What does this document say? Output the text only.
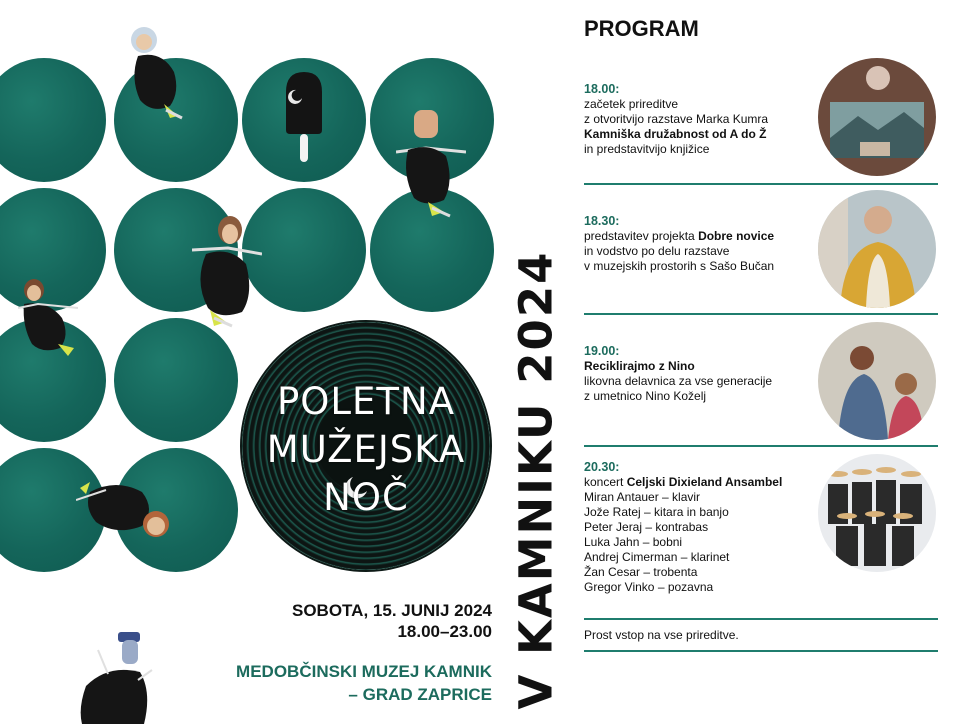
POLETNA
MUŽEJSKA
NOČ	V KAMNIKU 2024
SOBOTA, 15. JUNIJ 2024
18.00–23.00
MEDOBČINSKI MUZEJ KAMNIK
– GRAD ZAPRICE
PROGRAM
18.00:
začetek prireditve
z otvoritvijo razstave Marka Kumra
Kamniška družabnost od A do Ž
in predstavitvijo knjižice
18.30:
predstavitev projekta Dobre novice
in vodstvo po delu razstave
v muzejskih prostorih s Sašo Bučan
19.00:
Reciklirajmo z Nino
likovna delavnica za vse generacije
z umetnico Nino Koželj
20.30:
koncert Celjski Dixieland Ansambel
Miran Antauer – klavir
Jože Ratej – kitara in banjo
Peter Jeraj – kontrabas
Luka Jahn – bobni
Andrej Cimerman – klarinet
Žan Cesar – trobenta
Gregor Vinko – pozavna
Prost vstop na vse prireditve.
